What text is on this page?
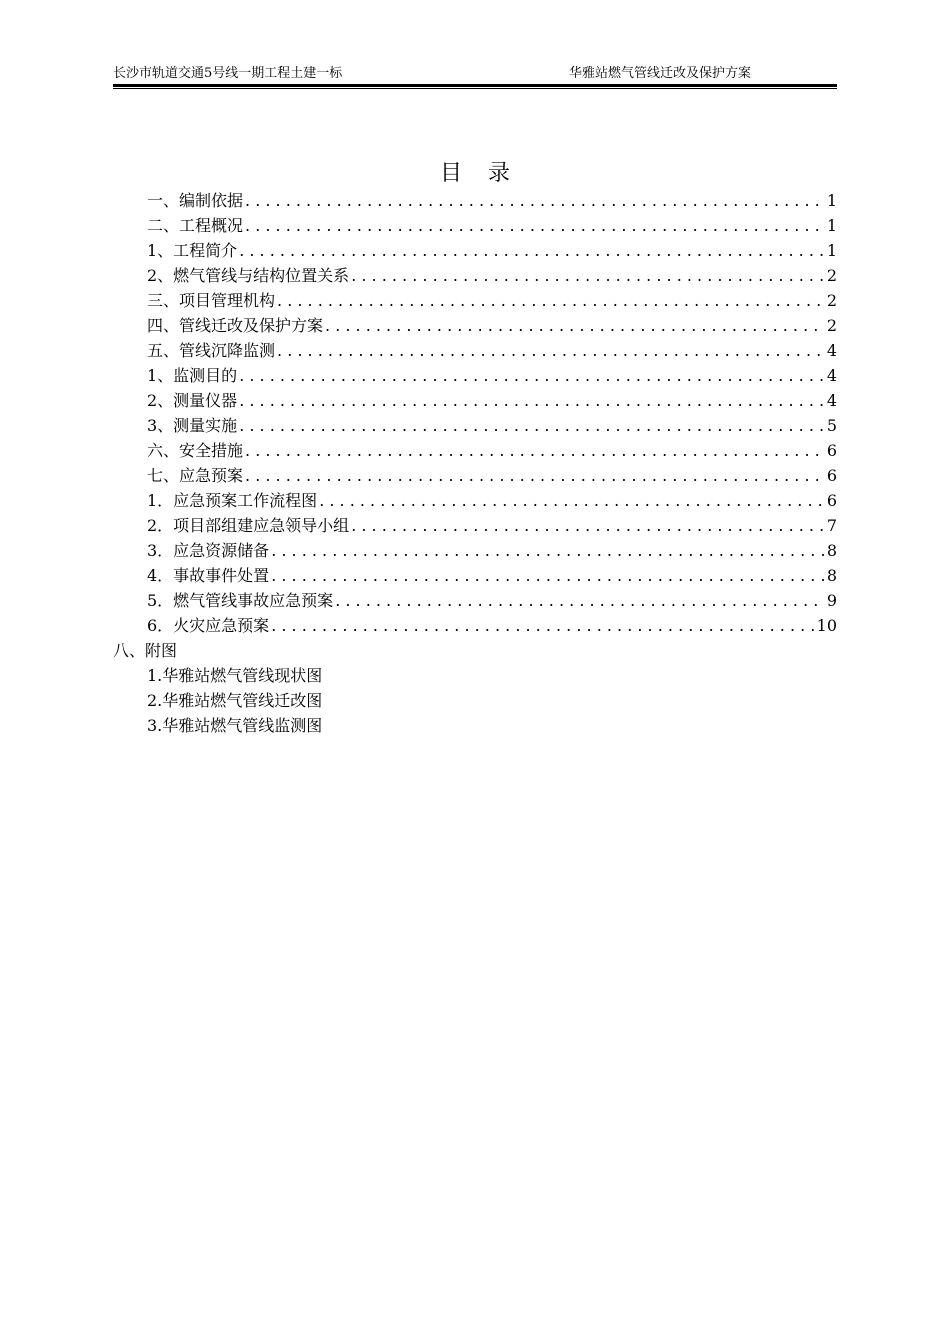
长沙市轨道交通5号线一期工程土建一标	华雅站燃气管线迁改及保护方案
目录
一、编制依据 . . .	1
二、工程概况 . . .	1
1、工程简介 . . .	1
2、燃气管线与结构位置关系 . . .	2
三、项目管理机构 . . .	2
四、管线迁改及保护方案 . . .	2
五、管线沉降监测 . . .	4
1、监测目的 . . .	4
2、测量仪器 . . .	4
3、测量实施 . . .	5
六、安全措施 . . .	6
七、应急预案 . . .	6
1．应急预案工作流程图 . . .	6
2．项目部组建应急领导小组 . . .	7
3．应急资源储备 . . .	8
4．事故事件处置 . . .	8
5．燃气管线事故应急预案 . . .	9
6．火灾应急预案 . . .	10
八、附图
1.华雅站燃气管线现状图
2.华雅站燃气管线迁改图
3.华雅站燃气管线监测图
